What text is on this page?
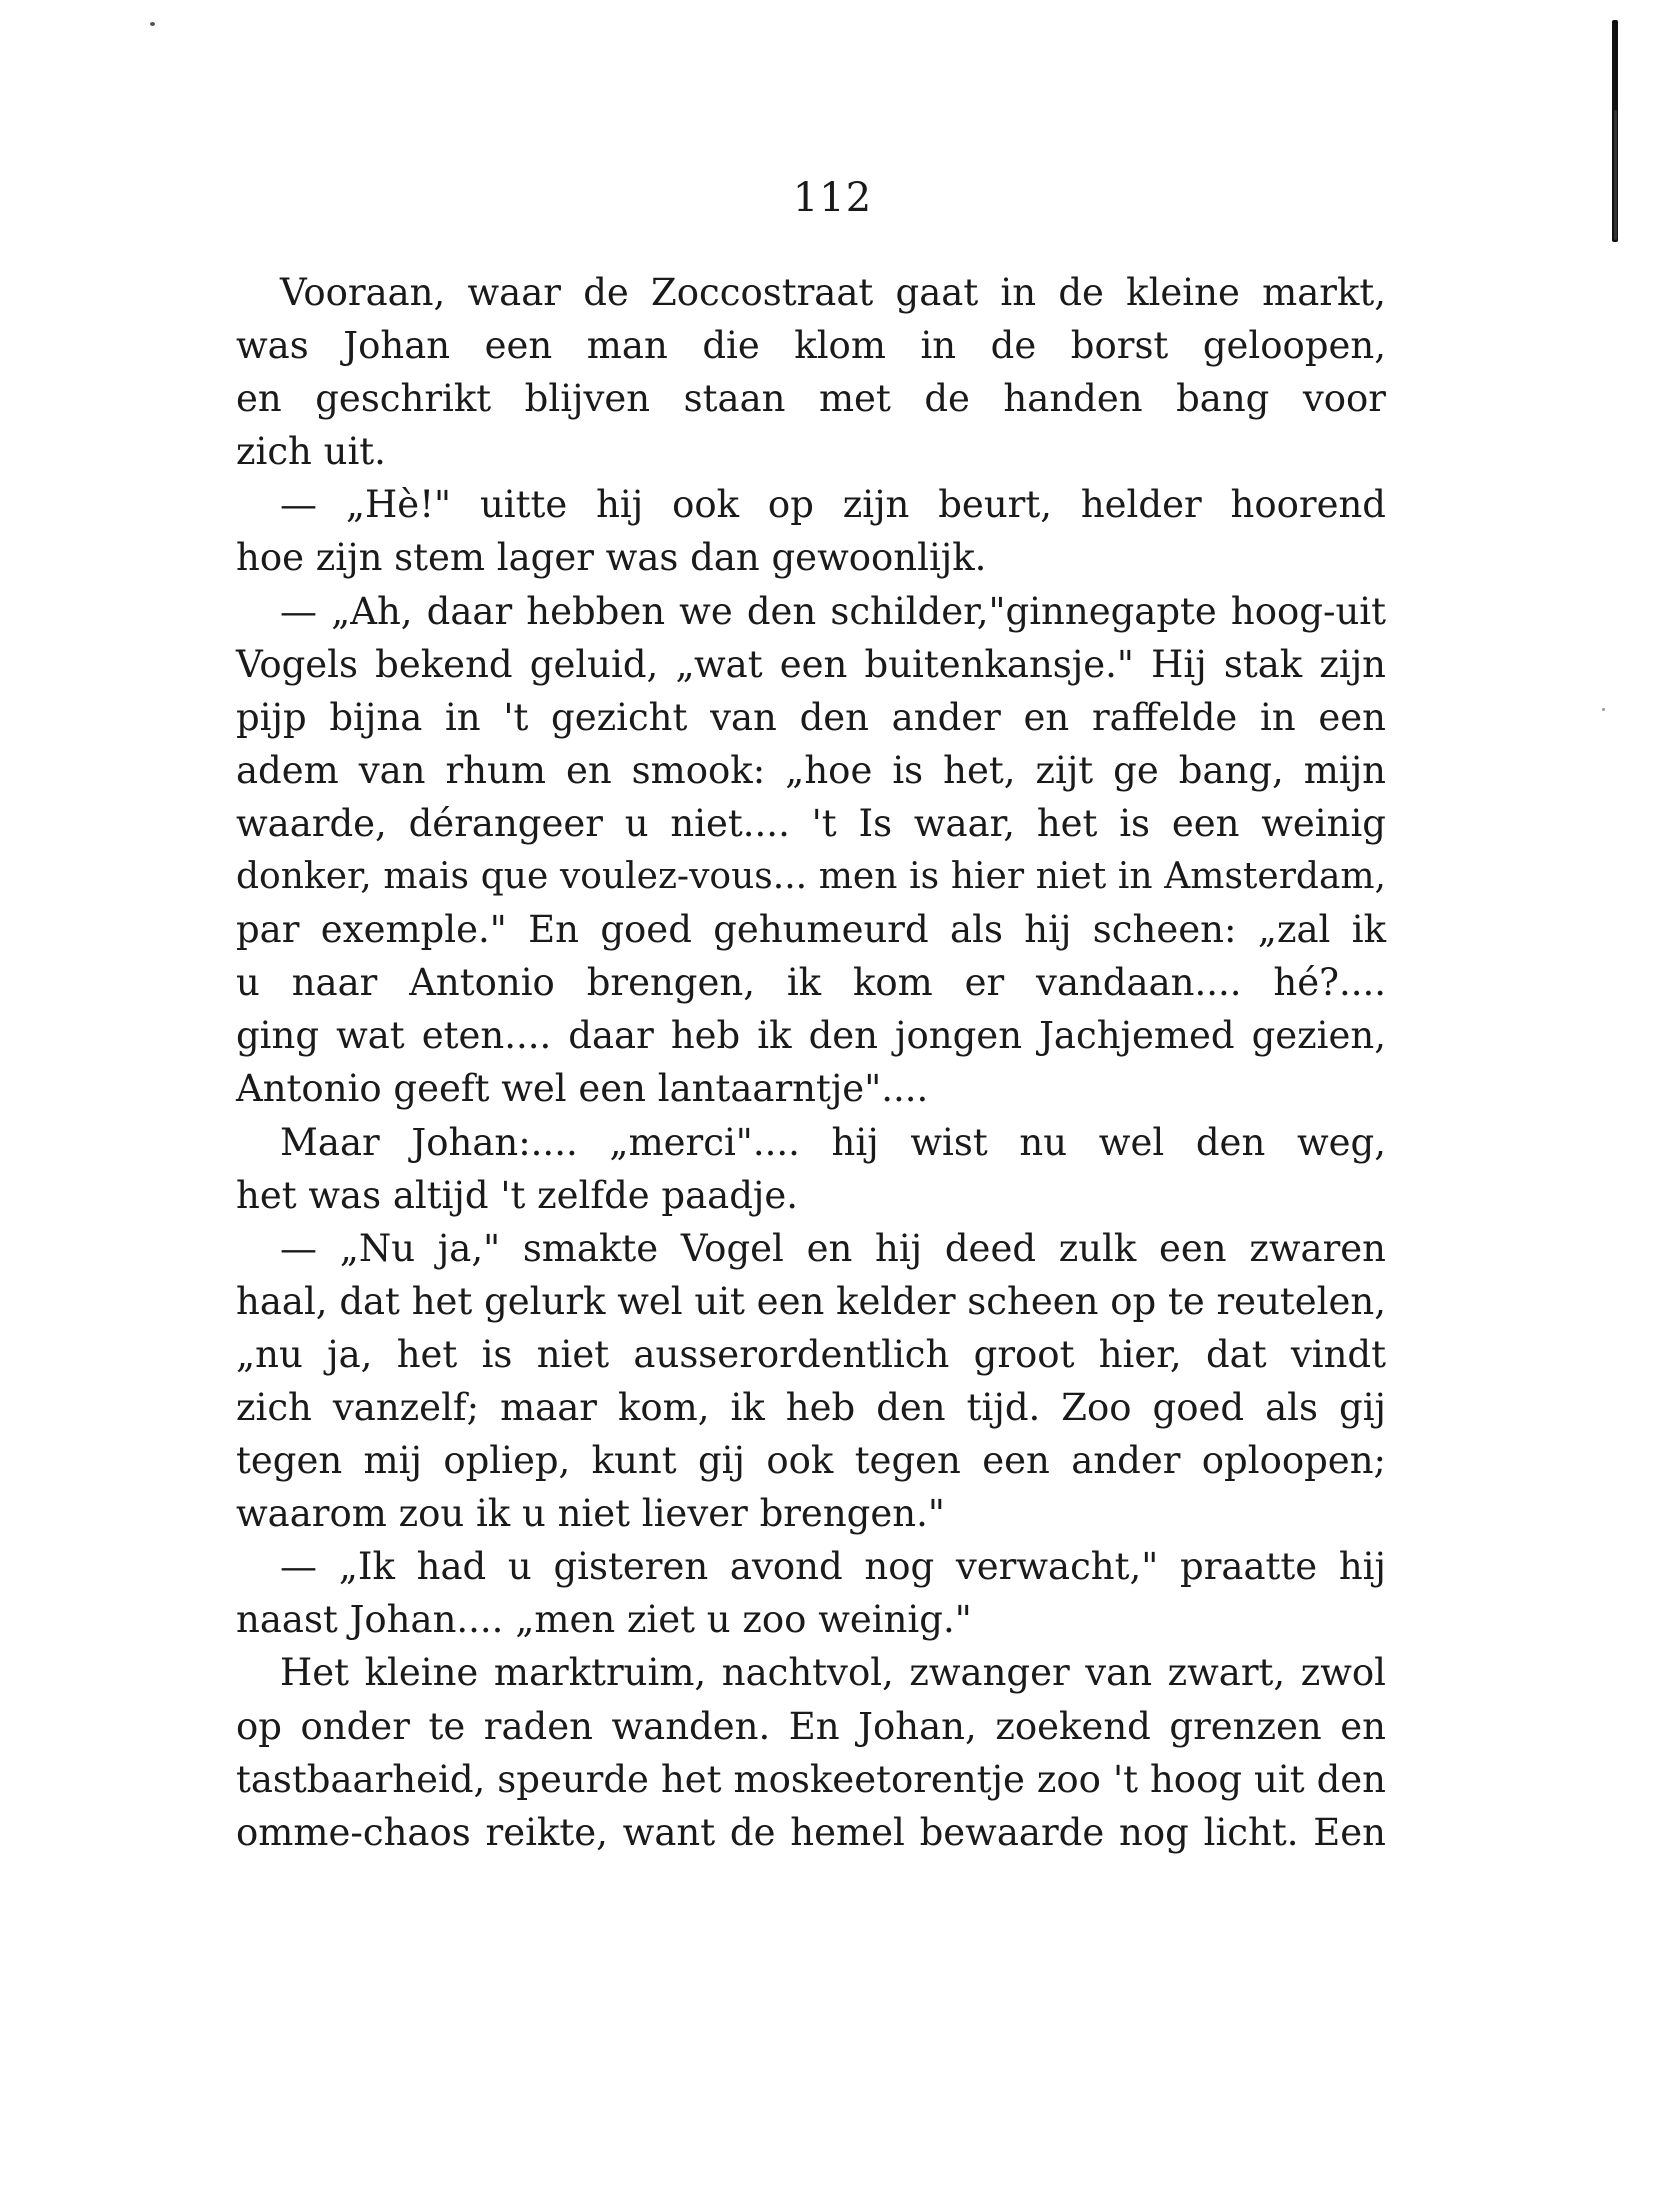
112
Vooraan, waar de Zoccostraat gaat in de kleine markt,
was Johan een man die klom in de borst geloopen,
en geschrikt blijven staan met de handen bang voor
zich uit.
— „Hè!" uitte hij ook op zijn beurt, helder hoorend
hoe zijn stem lager was dan gewoonlijk.
— „Ah, daar hebben we den schilder,"ginnegapte hoog-uit
Vogels bekend geluid, „wat een buitenkansje." Hij stak zijn
pijp bijna in 't gezicht van den ander en raffelde in een
adem van rhum en smook: „hoe is het, zijt ge bang, mijn
waarde, dérangeer u niet.... 't Is waar, het is een weinig
donker, mais que voulez-vous... men is hier niet in Amsterdam,
par exemple." En goed gehumeurd als hij scheen: „zal ik
u naar Antonio brengen, ik kom er vandaan.... hé?....
ging wat eten.... daar heb ik den jongen Jachjemed gezien,
Antonio geeft wel een lantaarntje"....
Maar Johan:.... „merci".... hij wist nu wel den weg,
het was altijd 't zelfde paadje.
— „Nu ja," smakte Vogel en hij deed zulk een zwaren
haal, dat het gelurk wel uit een kelder scheen op te reutelen,
„nu ja, het is niet ausserordentlich groot hier, dat vindt
zich vanzelf; maar kom, ik heb den tijd. Zoo goed als gij
tegen mij opliep, kunt gij ook tegen een ander oploopen;
waarom zou ik u niet liever brengen."
— „Ik had u gisteren avond nog verwacht," praatte hij
naast Johan.... „men ziet u zoo weinig."
Het kleine marktruim, nachtvol, zwanger van zwart, zwol
op onder te raden wanden. En Johan, zoekend grenzen en
tastbaarheid, speurde het moskeetorentje zoo 't hoog uit den
omme-chaos reikte, want de hemel bewaarde nog licht. Een
